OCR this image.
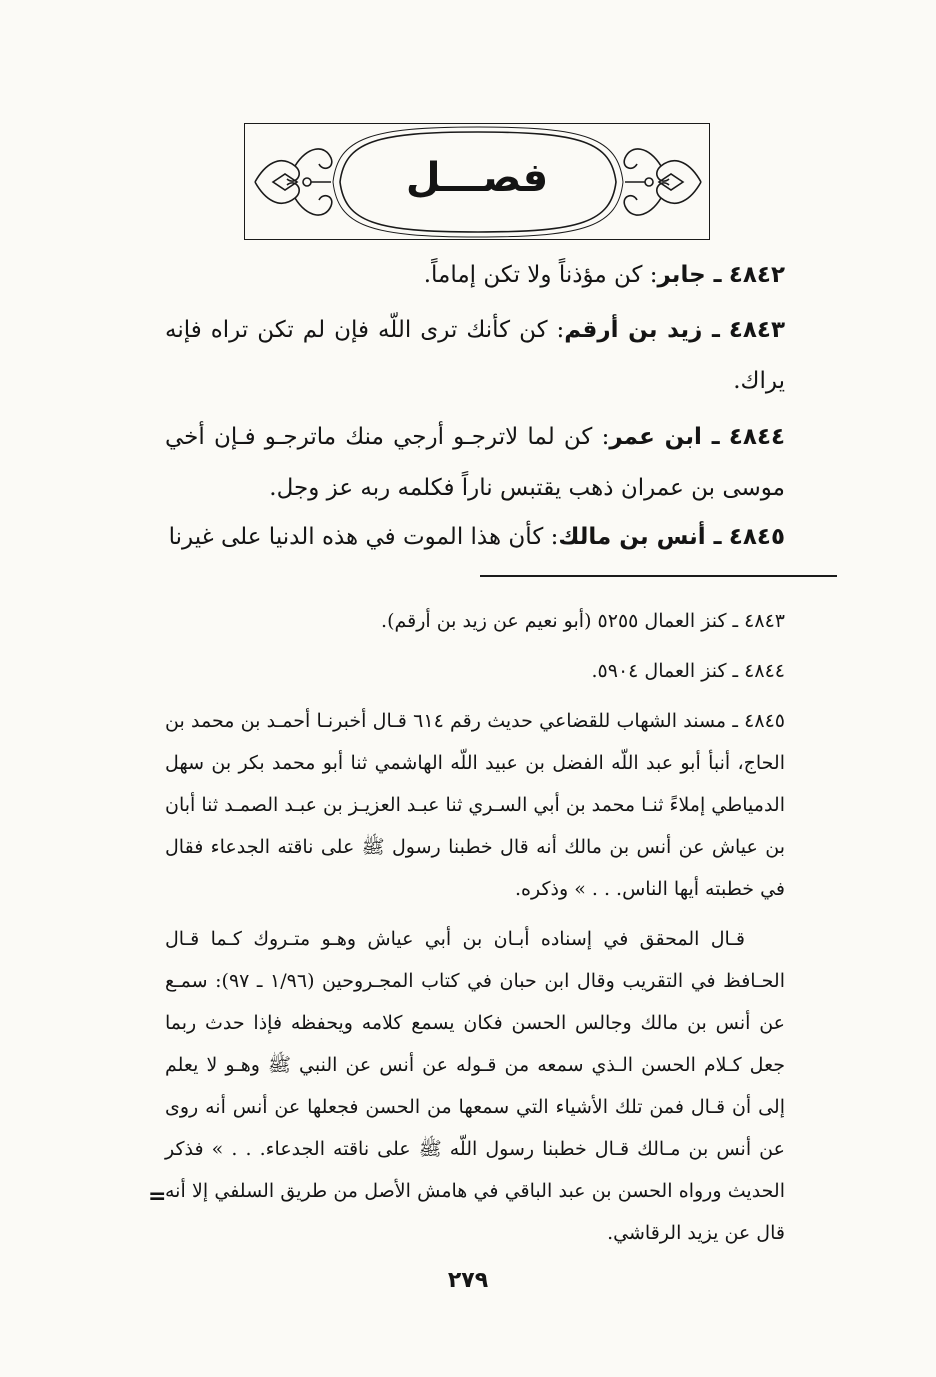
فصـــل
٤٨٤٢ ـ جابر: كن مؤذناً ولا تكن إماماً.
٤٨٤٣ ـ زيد بن أرقم: كن كأنك ترى اللّه فإن لم تكن تراه فإنه يراك.
٤٨٤٤ ـ ابن عمر: كن لما لاترجـو أرجي منك ماترجـو فـإن أخي موسى بن عمران ذهب يقتبس ناراً فكلمه ربه عز وجل.
٤٨٤٥ ـ أنس بن مالك: كأن هذا الموت في هذه الدنيا على غيرنا
٤٨٤٣ ـ كنز العمال ٥٢٥٥ (أبو نعيم عن زيد بن أرقم).
٤٨٤٤ ـ كنز العمال ٥٩٠٤.
٤٨٤٥ ـ مسند الشهاب للقضاعي حديث رقم ٦١٤ قـال أخبرنـا أحمـد بن محمد بن الحاج، أنبأ أبو عبد اللّه الفضل بن عبيد اللّه الهاشمي ثنا أبو محمد بكر بن سهل الدمياطي إملاءً ثنـا محمد بن أبي السـري ثنا عبـد العزيـز بن عبـد الصمـد ثنا أبان بن عياش عن أنس بن مالك أنه قال خطبنا رسول ﷺ على ناقته الجدعاء فقال في خطبته أيها الناس. . . » وذكره.
قـال المحقق في إسناده أبـان بن أبي عياش وهـو متـروك كـما قـال الحـافظ في التقريب وقال ابن حبان في كتاب المجـروحين (١/٩٦ ـ ٩٧): سمـع عن أنس بن مالك وجالس الحسن فكان يسمع كلامه ويحفظه فإذا حدث ربما جعل كـلام الحسن الـذي سمعه من قـوله عن أنس عن النبي ﷺ وهـو لا يعلم إلى أن قـال فمن تلك الأشياء التي سمعها من الحسن فجعلها عن أنس أنه روى عن أنس بن مـالك قـال خطبنا رسول اللّه ﷺ على ناقته الجدعاء. . . » فذكر الحديث ورواه الحسن بن عبد الباقي في هامش الأصل من طريق السلفي إلا أنه قال عن يزيد الرقاشي.
=
٢٧٩
